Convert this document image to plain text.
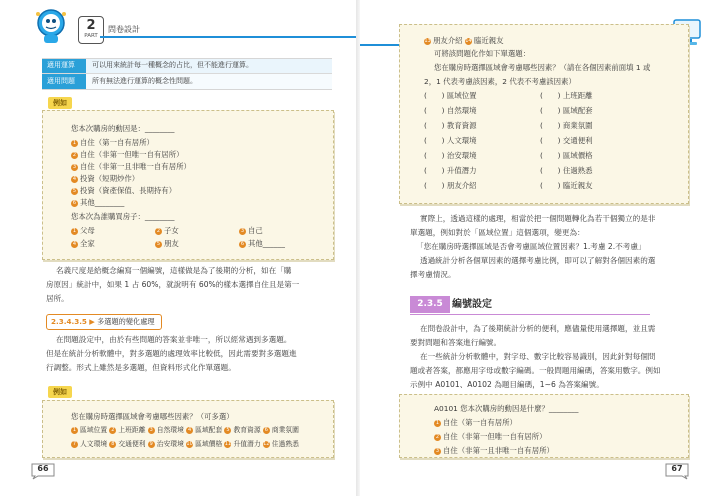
2
PART
問卷設計
適用運算 可以用來統計每一種概念的占比，但不能進行運算。
適用問題 所有無法進行運算的概念性問題。
例如
您本次購房的動因是：________
1 自住（第一自有居所）
2 自住（非第一但唯一自有居所）
3 自住（非第一且非唯一自有居所）
4 投資（短期炒作）
5 投資（資產保值、長期持有）
6 其他________
您本次為誰購買房子：________
1 父母	2 子女	3 自己
4 全家	5 朋友	6 其他______
名義尺度是給概念編寫一個編號，這樣做是為了後期的分析，如在「購
房原因」統計中，如果 1 占 60%，就說明有 60%的樣本選擇自住且是第一
居所。
2.3.4.3.5 ▶ 多選題的變化處理
在問題設定中，由於有些問題的答案並非唯一，所以經常遇到多選題。
但是在統計分析軟體中，對多選題的處理效率比較低，因此需要對多選題進
行調整。形式上雖然是多選題，但資料形式化作單選題。
例如
您在購房時選擇區域會考慮哪些因素？（可多選）
1 區域位置 2 上班距離 3 自然環境 4 區域配套 5 教育資源 6 商業氛圍
7 人文環境 8 交通便利 9 治安環境 10 區域價格 11 升值潛力 12 住過熟悉
66
13 朋友介紹 14 臨近親友
可將該問題化作如下單選題：
您在購房時選擇區域會考慮哪些因素？（請在各個因素前面填 1 或
2，1 代表考慮該因素，2 代表不考慮該因素）
(　　) 區域位置	(　　) 上班距離
(　　) 自然環境	(　　) 區域配套
(　　) 教育資源	(　　) 商業氛圍
(　　) 人文環境	(　　) 交通便利
(　　) 治安環境	(　　) 區域價格
(　　) 升值潛力	(　　) 住過熟悉
(　　) 朋友介紹	(　　) 臨近親友
實際上，透過這樣的處理，相當於把一個問題轉化為若干個獨立的是非
單選題，例如對於「區域位置」這個選項，變更為：
「您在購房時選擇區域是否會考慮區域位置因素？1.考慮 2.不考慮」
透過統計分析各個單因素的選擇考慮比例，即可以了解對各個因素的選
擇考慮情況。
2.3.5 編號設定
在問卷設計中，為了後期統計分析的便利，應儘量使用選擇題，並且需
要對問題和答案進行編號。
在一些統計分析軟體中，對字母、數字比較容易識別，因此針對每個問
題或者答案，都應用字母或數字編碼。一般問題用編碼，答案用數字。例如
示例中 A0101、A0102 為題目編碼，1~6 為答案編號。
A0101 您本次購房的動因是什麼？________
1 自住（第一自有居所）
2 自住（非第一但唯一自有居所）
3 自住（非第一且非唯一自有居所）
67
